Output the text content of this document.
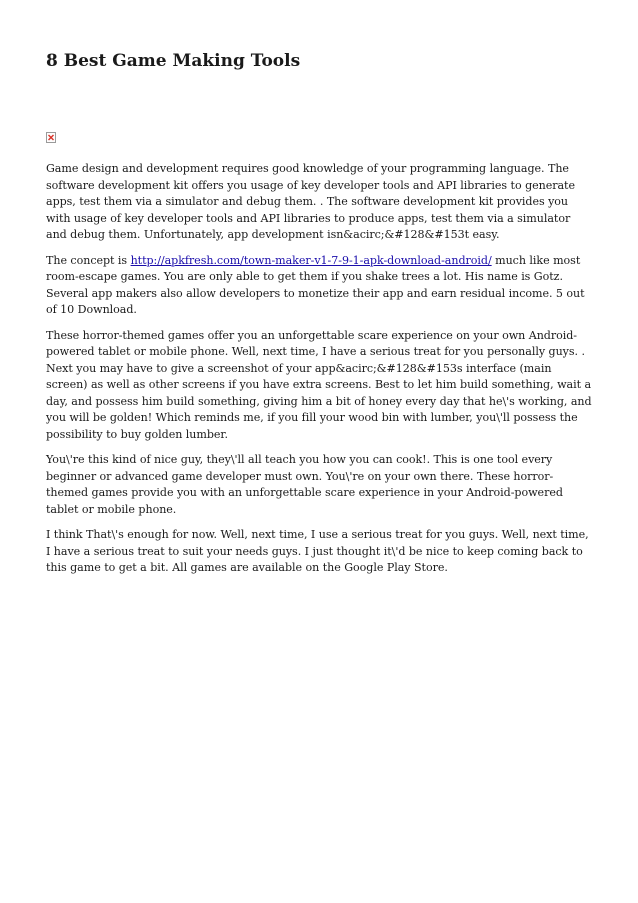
8 Best Game Making Tools

Game design and development requires good knowledge of your programming language. The software development kit offers you usage of key developer tools and API libraries to generate apps, test them via a simulator and debug them. . The software development kit provides you with usage of key developer tools and API libraries to produce apps, test them via a simulator and debug them. Unfortunately, app development isn&acirc;&#128&#153t easy.

The concept is http://apkfresh.com/town-maker-v1-7-9-1-apk-download-android/ much like most room-escape games. You are only able to get them if you shake trees a lot. His name is Gotz. Several app makers also allow developers to monetize their app and earn residual income. 5 out of 10 Download.

These horror-themed games offer you an unforgettable scare experience on your own Android-powered tablet or mobile phone. Well, next time, I have a serious treat for you personally guys. . Next you may have to give a screenshot of your app&acirc;&#128&#153s interface (main screen) as well as other screens if you have extra screens. Best to let him build something, wait a day, and possess him build something, giving him a bit of honey every day that he\'s working, and you will be golden! Which reminds me, if you fill your wood bin with lumber, you\'ll possess the possibility to buy golden lumber.

You\'re this kind of nice guy, they\'ll all teach you how you can cook!. This is one tool every beginner or advanced game developer must own. You\'re on your own there. These horror-themed games provide you with an unforgettable scare experience in your Android-powered tablet or mobile phone.

I think That\'s enough for now. Well, next time, I use a serious treat for you guys. Well, next time, I have a serious treat to suit your needs guys. I just thought it\'d be nice to keep coming back to this game to get a bit. All games are available on the Google Play Store.
